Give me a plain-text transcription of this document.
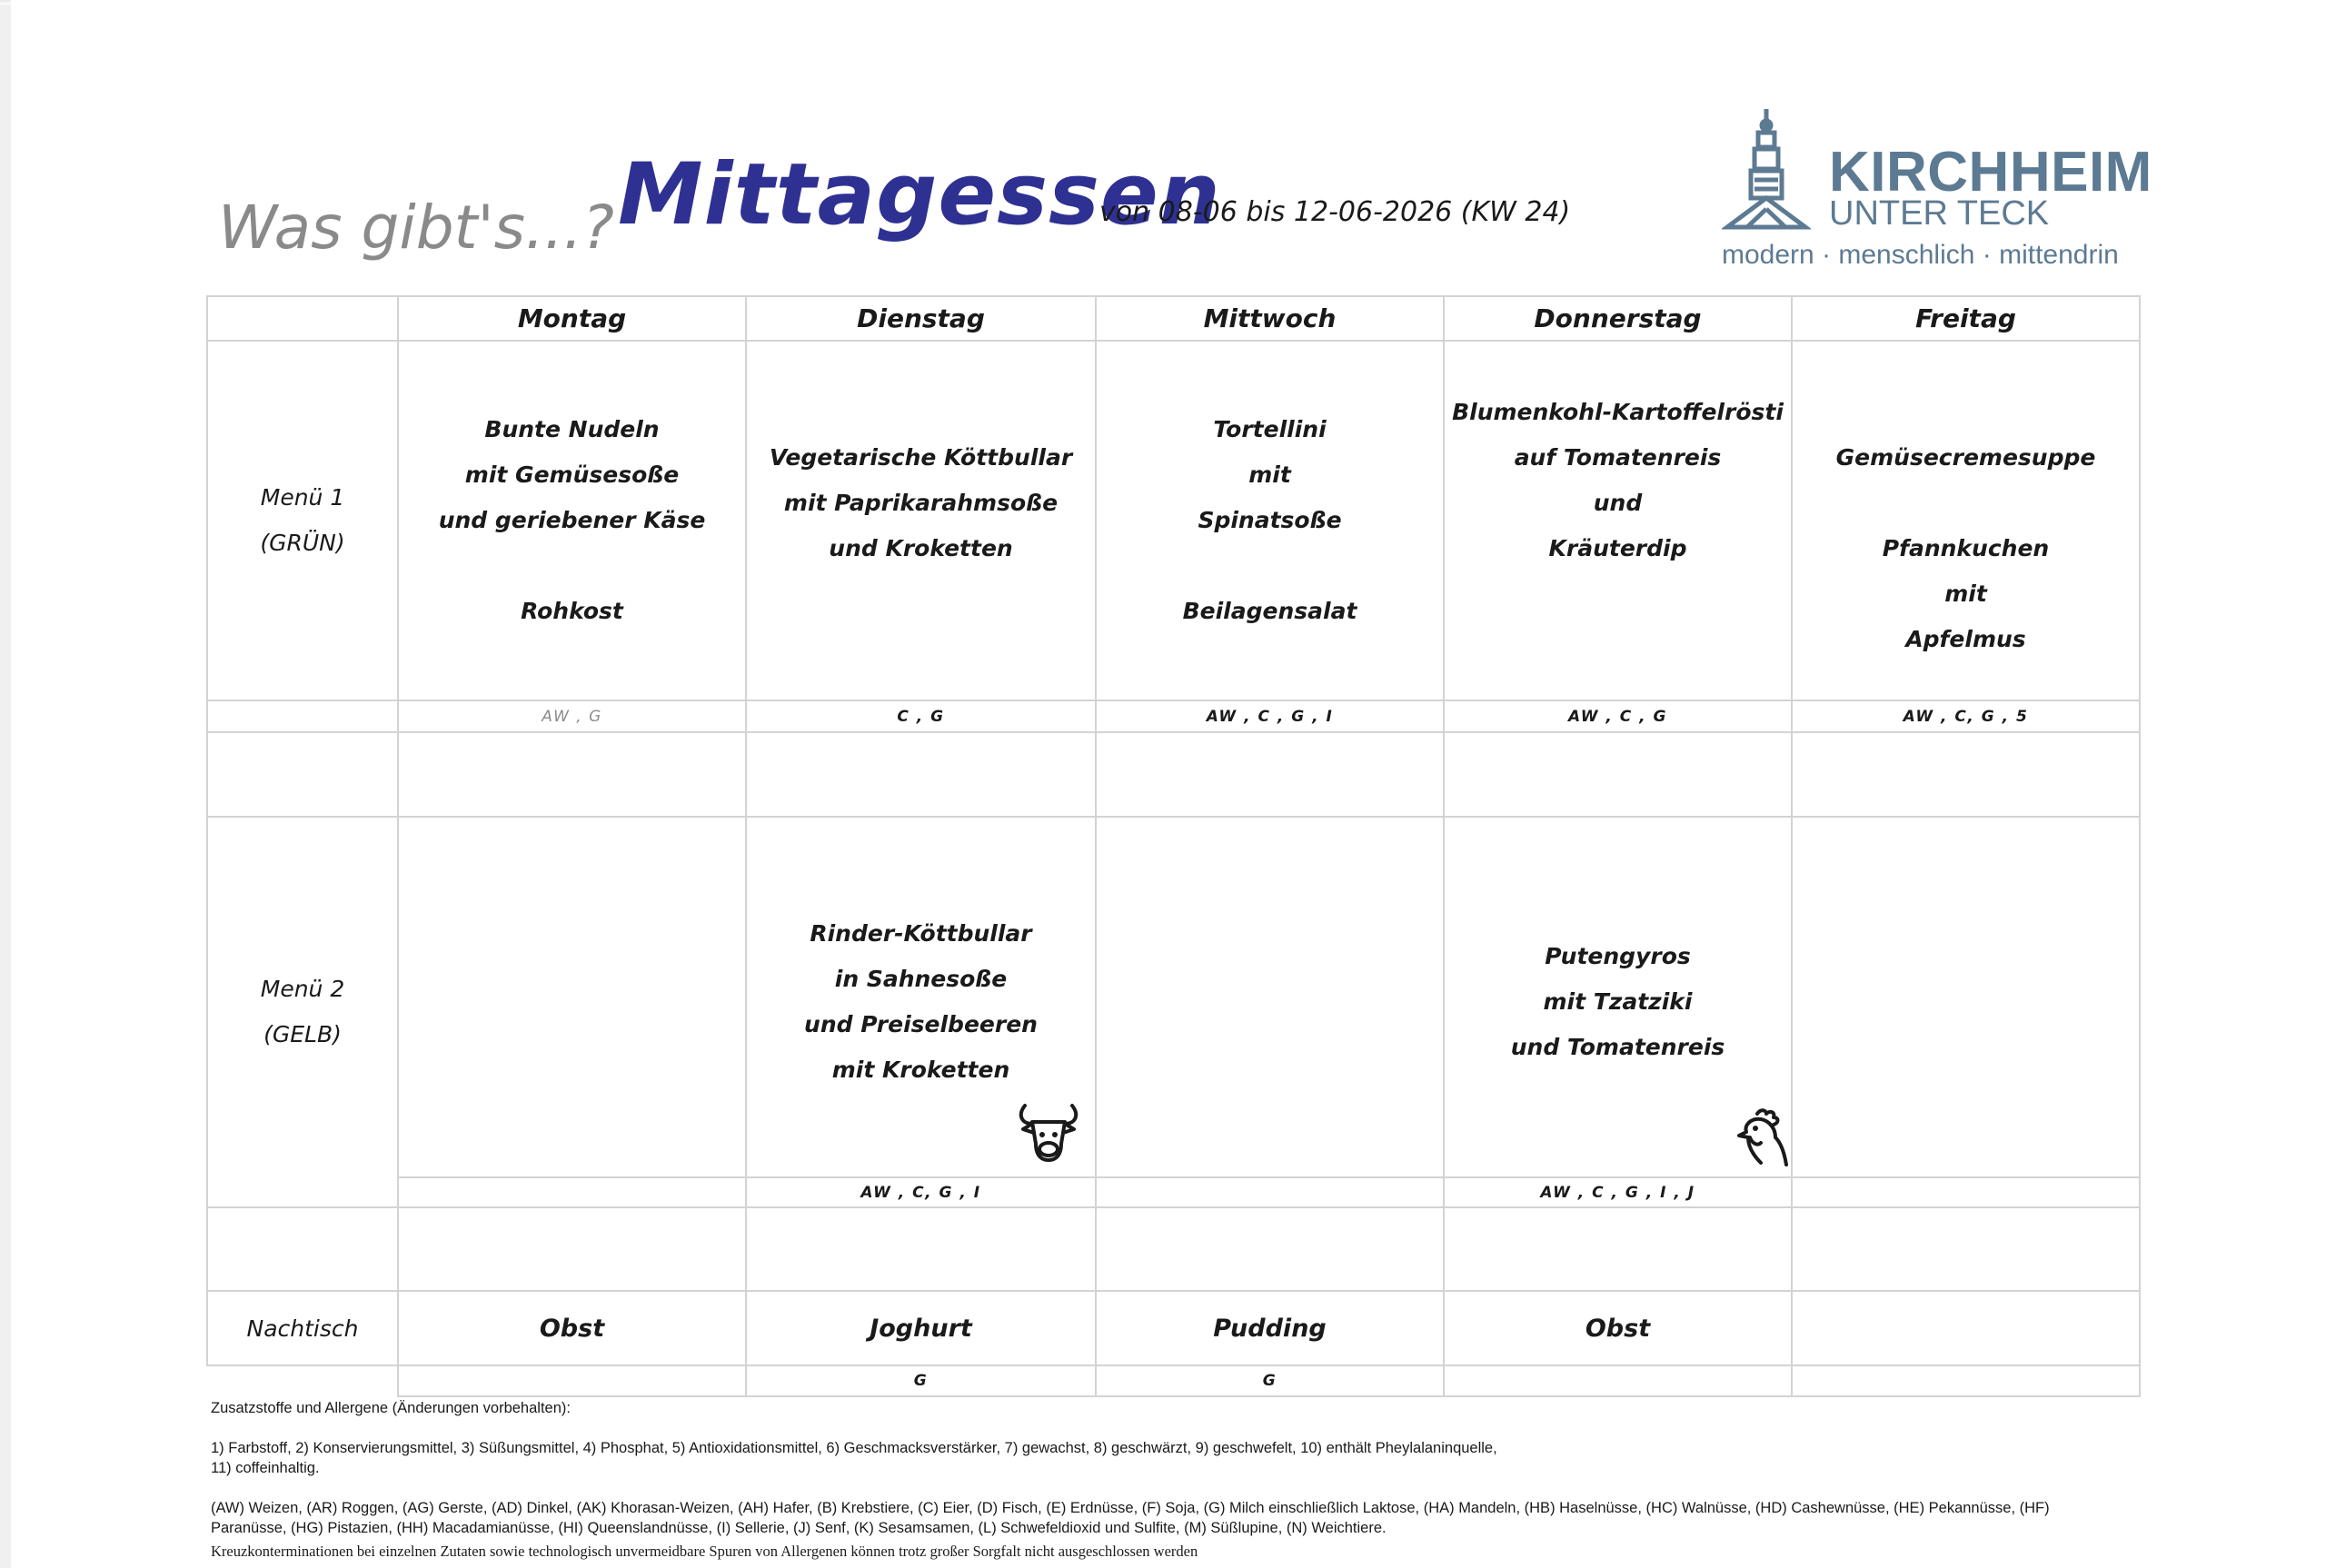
Was gibt's...? Mittagessen
von 08-06 bis 12-06-2026 (KW 24)
KIRCHHEIM
UNTER TECK
modern · menschlich · mittendrin
	Montag	Dienstag	Mittwoch	Donnerstag	Freitag

Menü 1
(GRÜN)	Bunte Nudeln
mit Gemüsesoße
und geriebener Käse
Rohkost	Vegetarische Köttbullar
mit Paprikarahmsoße
und Kroketten	Tortellini
mit
Spinatsoße
Beilagensalat	Blumenkohl-Kartoffelrösti
auf Tomatenreis
und
Kräuterdip	Gemüsecremesuppe
Pfannkuchen
mit
Apfelmus

	AW , G	C , G	AW , C , G , I	AW , C , G	AW , C, G , 5

Menü 2
(GELB)		Rinder-Köttbullar
in Sahnesoße
und Preiselbeeren
mit Kroketten		Putengyros
mit Tzatziki
und Tomatenreis	

		AW , C, G , I		AW , C , G , I , J	

Nachtisch	Obst	Joghurt	Pudding	Obst	
		G	G		
Zusatzstoffe und Allergene (Änderungen vorbehalten):
1) Farbstoff, 2) Konservierungsmittel, 3) Süßungsmittel, 4) Phosphat, 5) Antioxidationsmittel, 6) Geschmacksverstärker, 7) gewachst, 8) geschwärzt, 9) geschwefelt, 10) enthält Pheylalaninquelle,
11) coffeinhaltig.
(AW) Weizen, (AR) Roggen, (AG) Gerste, (AD) Dinkel, (AK) Khorasan-Weizen, (AH) Hafer, (B) Krebstiere, (C) Eier, (D) Fisch, (E) Erdnüsse, (F) Soja, (G) Milch einschließlich Laktose, (HA) Mandeln, (HB) Haselnüsse, (HC) Walnüsse, (HD) Cashewnüsse, (HE) Pekannüsse, (HF)
Paranüsse, (HG) Pistazien, (HH) Macadamianüsse, (HI) Queenslandnüsse, (I) Sellerie, (J) Senf, (K) Sesamsamen, (L) Schwefeldioxid und Sulfite, (M) Süßlupine, (N) Weichtiere.
Kreuzkonterminationen bei einzelnen Zutaten sowie technologisch unvermeidbare Spuren von Allergenen können trotz großer Sorgfalt nicht ausgeschlossen werden
